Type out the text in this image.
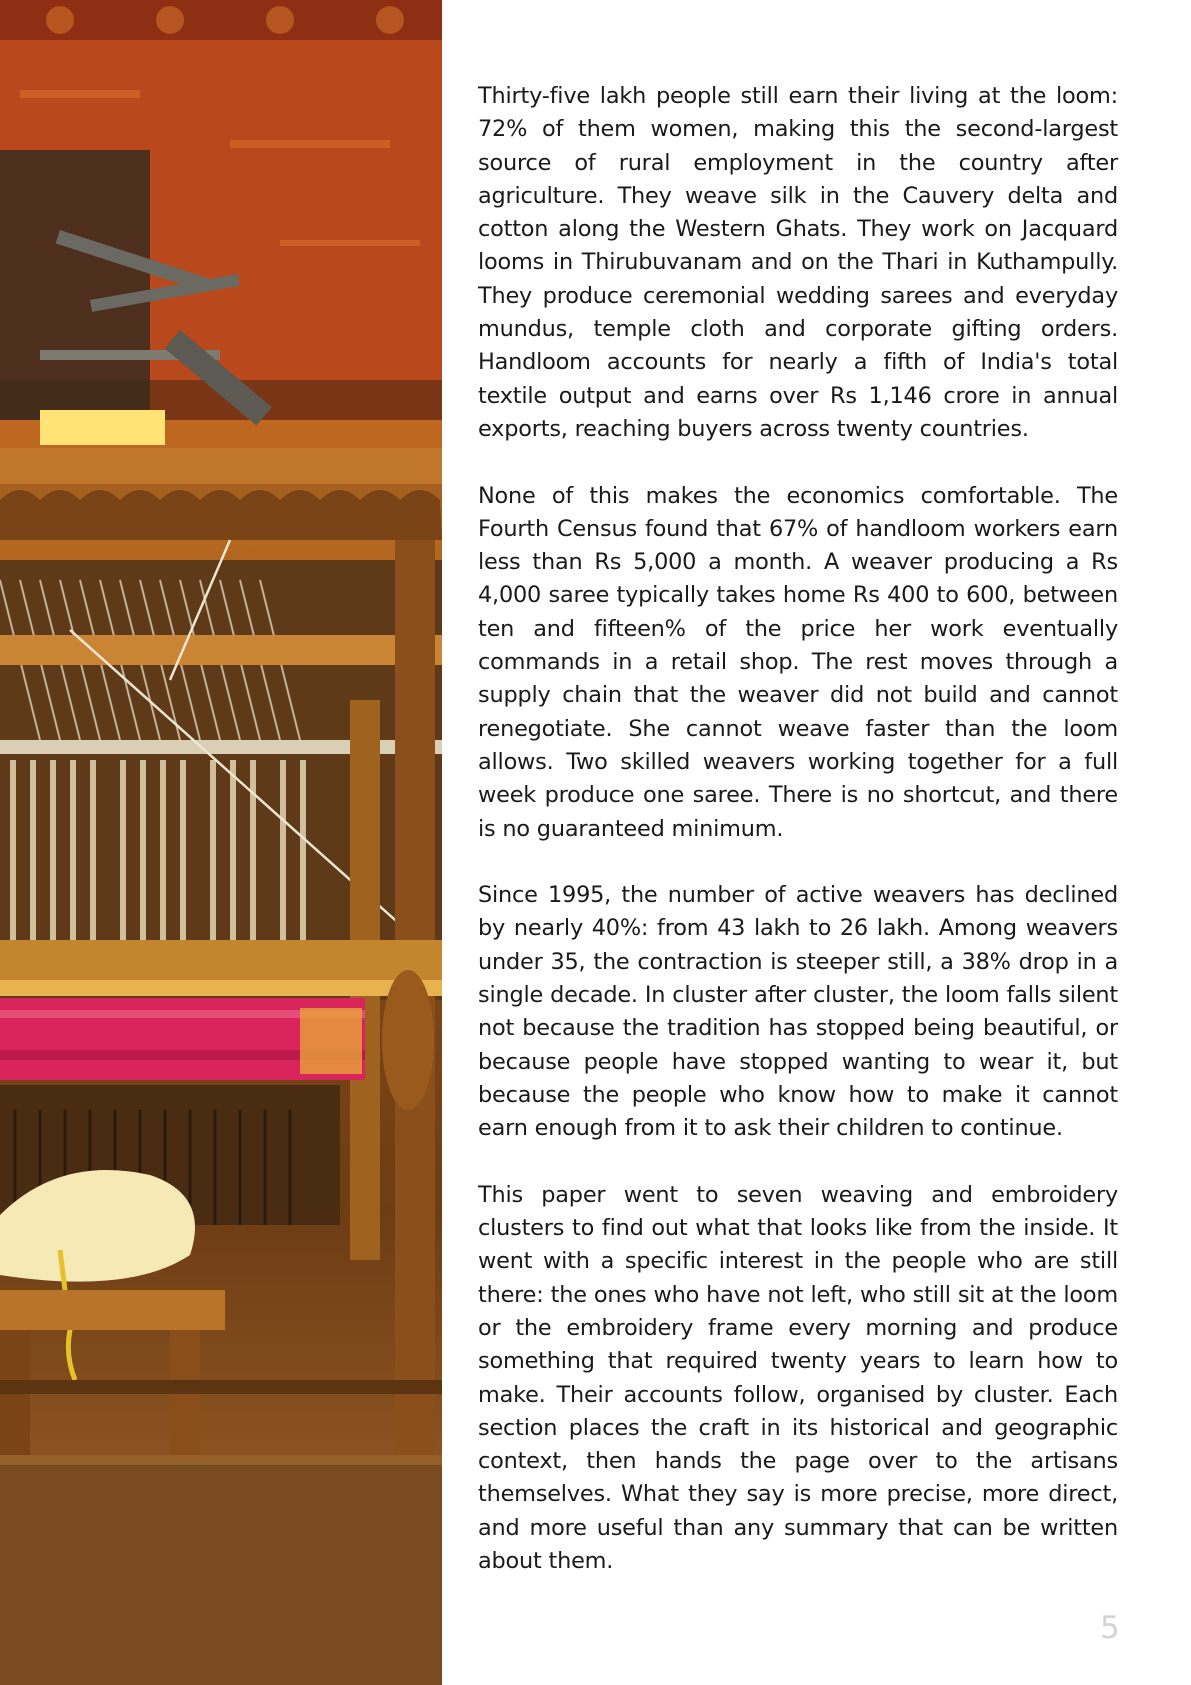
Thirty-five lakh people still earn their living at the loom: 72% of them women, making this the second-largest source of rural employment in the country after agriculture. They weave silk in the Cauvery delta and cotton along the Western Ghats. They work on Jacquard looms in Thirubuvanam and on the Thari in Kuthampully. They produce ceremonial wedding sarees and everyday mundus, temple cloth and corporate gifting orders. Handloom accounts for nearly a fifth of India's total textile output and earns over Rs 1,146 crore in annual exports, reaching buyers across twenty countries.

None of this makes the economics comfortable. The Fourth Census found that 67% of handloom workers earn less than Rs 5,000 a month. A weaver producing a Rs 4,000 saree typically takes home Rs 400 to 600, between ten and fifteen% of the price her work eventually commands in a retail shop. The rest moves through a supply chain that the weaver did not build and cannot renegotiate. She cannot weave faster than the loom allows. Two skilled weavers working together for a full week produce one saree. There is no shortcut, and there is no guaranteed minimum.

Since 1995, the number of active weavers has declined by nearly 40%: from 43 lakh to 26 lakh. Among weavers under 35, the contraction is steeper still, a 38% drop in a single decade. In cluster after cluster, the loom falls silent not because the tradition has stopped being beautiful, or because people have stopped wanting to wear it, but because the people who know how to make it cannot earn enough from it to ask their children to continue.

This paper went to seven weaving and embroidery clusters to find out what that looks like from the inside. It went with a specific interest in the people who are still there: the ones who have not left, who still sit at the loom or the embroidery frame every morning and produce something that required twenty years to learn how to make. Their accounts follow, organised by cluster. Each section places the craft in its historical and geographic context, then hands the page over to the artisans themselves. What they say is more precise, more direct, and more useful than any summary that can be written about them.

5
